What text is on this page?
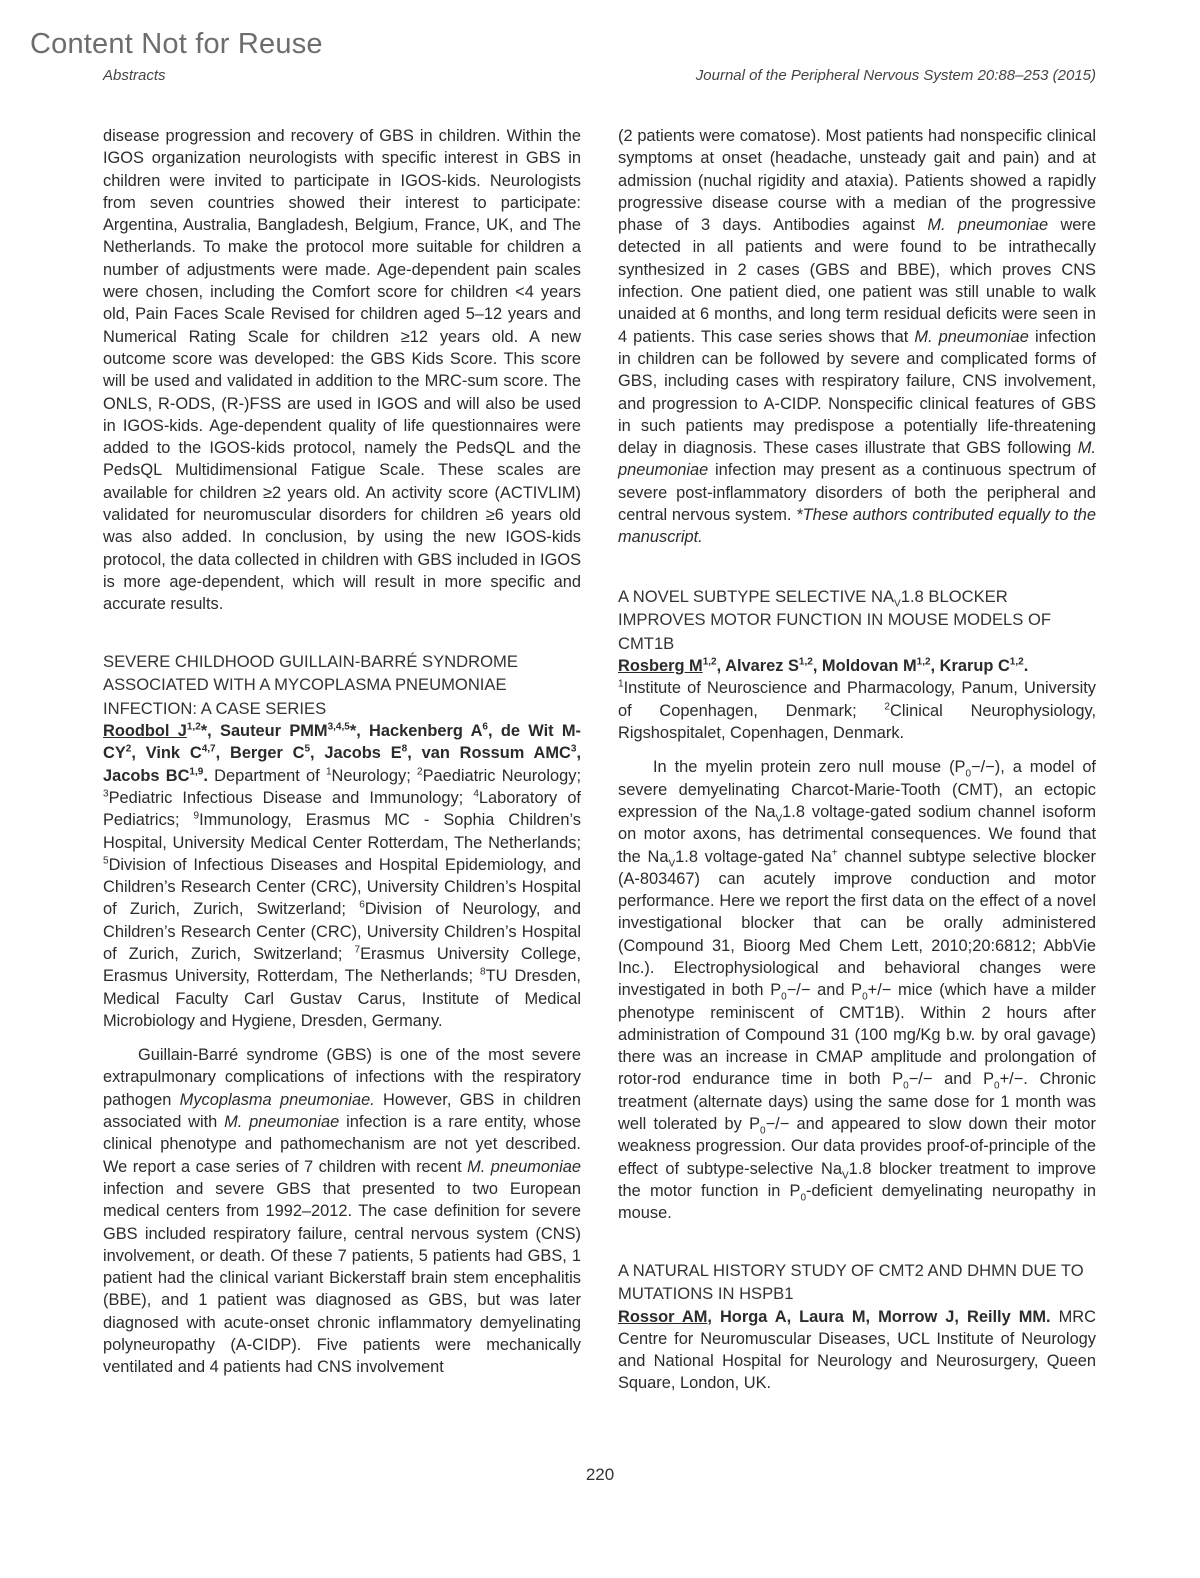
Content Not for Reuse
Abstracts	Journal of the Peripheral Nervous System 20:88–253 (2015)

disease progression and recovery of GBS in children. Within the IGOS organization neurologists with specific interest in GBS in children were invited to participate in IGOS-kids. Neurologists from seven countries showed their interest to participate: Argentina, Australia, Bangladesh, Belgium, France, UK, and The Netherlands. To make the protocol more suitable for children a number of adjustments were made. Age-dependent pain scales were chosen, including the Comfort score for children <4 years old, Pain Faces Scale Revised for children aged 5–12 years and Numerical Rating Scale for children ≥12 years old. A new outcome score was developed: the GBS Kids Score. This score will be used and validated in addition to the MRC-sum score. The ONLS, R-ODS, (R-)FSS are used in IGOS and will also be used in IGOS-kids. Age-dependent quality of life questionnaires were added to the IGOS-kids protocol, namely the PedsQL and the PedsQL Multidimensional Fatigue Scale. These scales are available for children ≥2 years old. An activity score (ACTIVLIM) validated for neuromuscular disorders for children ≥6 years old was also added. In conclusion, by using the new IGOS-kids protocol, the data collected in children with GBS included in IGOS is more age-dependent, which will result in more specific and accurate results.

SEVERE CHILDHOOD GUILLAIN-BARRÉ SYNDROME ASSOCIATED WITH A MYCOPLASMA PNEUMONIAE INFECTION: A CASE SERIES

Roodbol J$^{1,2}$*, Sauteur PMM$^{3,4,5}$*, Hackenberg $A^6$, de Wit $M-CY^2$, Vink C$^{4,7}$, Berger $C^5$, Jacobs $E^8$, van Rossum AMC$^3$, Jacobs BC$^{1,9}$. Department of $^1$Neurology; $^2$Paediatric Neurology; $^3$Pediatric Infectious Disease and Immunology; $^4$Laboratory of Pediatrics; $^9$Immunology, Erasmus MC - Sophia Children’s Hospital, University Medical Center Rotterdam, The Netherlands; $^5$Division of Infectious Diseases and Hospital Epidemiology, and Children’s Research Center (CRC), University Children’s Hospital of Zurich, Zurich, Switzerland; $^6$Division of Neurology, and Children’s Research Center (CRC), University Children’s Hospital of Zurich, Zurich, Switzerland; $^7$Erasmus University College, Erasmus University, Rotterdam, The Netherlands; $^8$TU Dresden, Medical Faculty Carl Gustav Carus, Institute of Medical Microbiology and Hygiene, Dresden, Germany.

Guillain-Barré syndrome (GBS) is one of the most severe extrapulmonary complications of infections with the respiratory pathogen Mycoplasma pneumoniae. However, GBS in children associated with M. pneumoniae infection is a rare entity, whose clinical phenotype and pathomechanism are not yet described. We report a case series of 7 children with recent M. pneumoniae infection and severe GBS that presented to two European medical centers from 1992–2012. The case definition for severe GBS included respiratory failure, central nervous system (CNS) involvement, or death. Of these 7 patients, 5 patients had GBS, 1 patient had the clinical variant Bickerstaff brain stem encephalitis (BBE), and 1 patient was diagnosed as GBS, but was later diagnosed with acute-onset chronic inflammatory demyelinating polyneuropathy (A-CIDP). Five patients were mechanically ventilated and 4 patients had CNS involvement

(2 patients were comatose). Most patients had nonspecific clinical symptoms at onset (headache, unsteady gait and pain) and at admission (nuchal rigidity and ataxia). Patients showed a rapidly progressive disease course with a median of the progressive phase of 3 days. Antibodies against M. pneumoniae were detected in all patients and were found to be intrathecally synthesized in 2 cases (GBS and BBE), which proves CNS infection. One patient died, one patient was still unable to walk unaided at 6 months, and long term residual deficits were seen in 4 patients. This case series shows that M. pneumoniae infection in children can be followed by severe and complicated forms of GBS, including cases with respiratory failure, CNS involvement, and progression to A-CIDP. Nonspecific clinical features of GBS in such patients may predispose a potentially life-threatening delay in diagnosis. These cases illustrate that GBS following M. pneumoniae infection may present as a continuous spectrum of severe post-inflammatory disorders of both the peripheral and central nervous system. *These authors contributed equally to the manuscript.

A NOVEL SUBTYPE SELECTIVE $NA_V1.8$ BLOCKER IMPROVES MOTOR FUNCTION IN MOUSE MODELS OF CMT1B

Rosberg M$^{1,2}$, Alvarez S$^{1,2}$, Moldovan M$^{1,2}$, Krarup C$^{1,2}$.
$^1$Institute of Neuroscience and Pharmacology, Panum, University of Copenhagen, Denmark; $^2$Clinical Neurophysiology, Rigshospitalet, Copenhagen, Denmark.

In the myelin protein zero null mouse $(P_0-/-)$, a model of severe demyelinating Charcot-Marie-Tooth (CMT), an ectopic expression of the $Na_V1.8$ voltage-gated sodium channel isoform on motor axons, has detrimental consequences. We found that the $Na_V1.8$ voltage-gated Na+ channel subtype selective blocker (A-803467) can acutely improve conduction and motor performance. Here we report the first data on the effect of a novel investigational blocker that can be orally administered (Compound 31, Bioorg Med Chem Lett, 2010;20:6812; AbbVie Inc.). Electrophysiological and behavioral changes were investigated in both $P_0-/-$ and $P_0+/-$ mice (which have a milder phenotype reminiscent of CMT1B). Within 2 hours after administration of Compound 31 (100 mg/Kg b.w. by oral gavage) there was an increase in CMAP amplitude and prolongation of rotor-rod endurance time in both $P_0-/-$ and $P_0+/-$. Chronic treatment (alternate days) using the same dose for 1 month was well tolerated by $P_0-/-$ and appeared to slow down their motor weakness progression. Our data provides proof-of-principle of the effect of subtype-selective $Na_V1.8$ blocker treatment to improve the motor function in $P_0$-deficient demyelinating neuropathy in mouse.

A NATURAL HISTORY STUDY OF CMT2 AND DHMN DUE TO MUTATIONS IN HSPB1

Rossor AM, Horga A, Laura M, Morrow J, Reilly MM. MRC Centre for Neuromuscular Diseases, UCL Institute of Neurology and National Hospital for Neurology and Neurosurgery, Queen Square, London, UK.

220
